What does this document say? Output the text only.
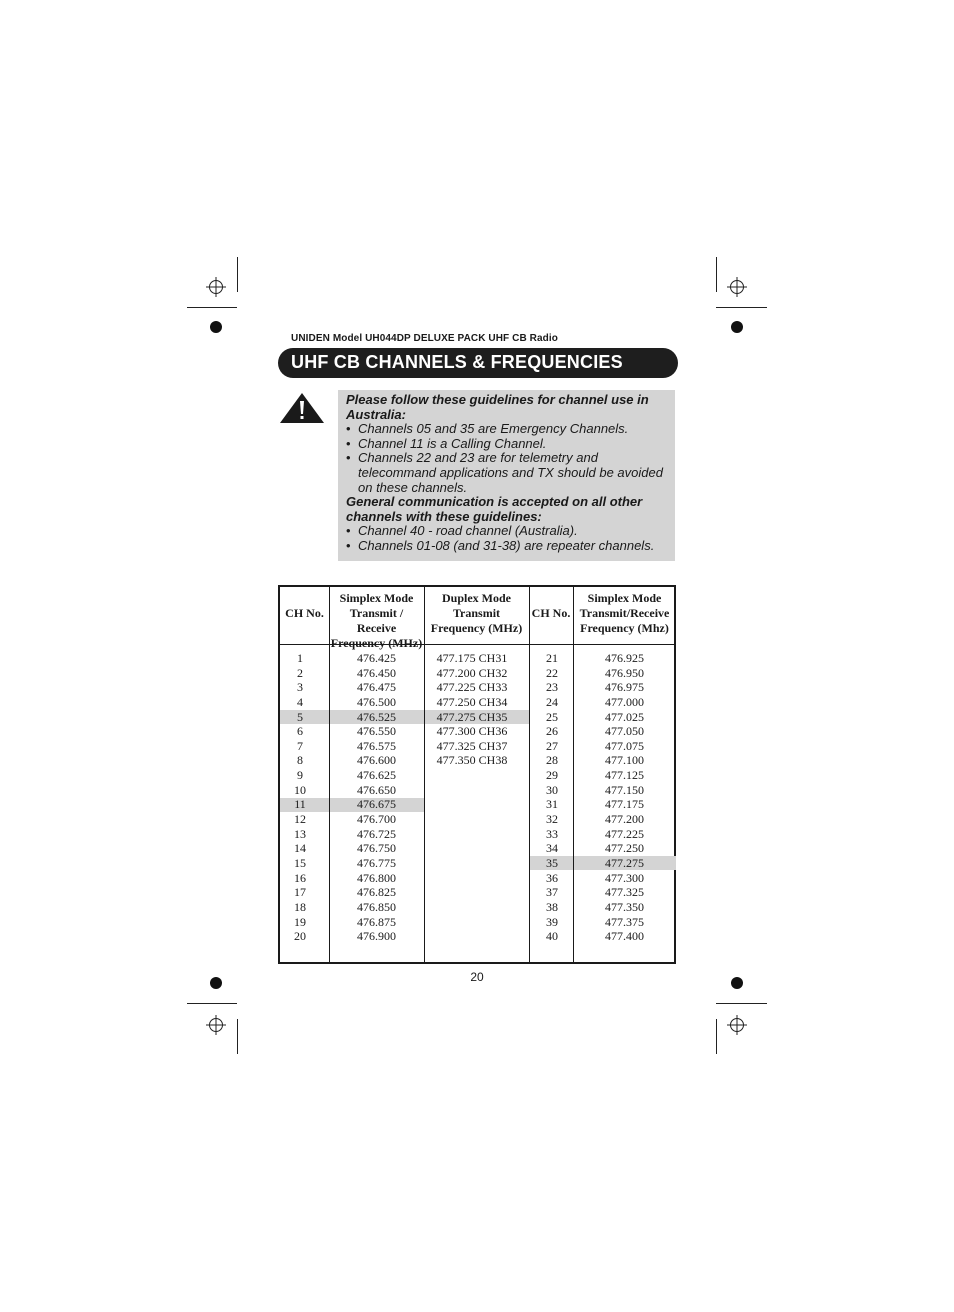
UNIDEN Model UH044DP DELUXE PACK UHF CB Radio
UHF CB CHANNELS & FREQUENCIES
Please follow these guidelines for channel use in Australia:
• Channels 05 and 35 are Emergency Channels.
• Channel 11 is a Calling Channel.
• Channels 22 and 23 are for telemetry and telecommand applications and TX should be avoided on these channels.
General communication is accepted on all other channels with these guidelines:
• Channel 40 - road channel (Australia).
• Channels 01-08 (and 31-38) are repeater channels.
CH No.
Simplex Mode
Transmit / Receive
Frequency (MHz)
Duplex Mode
Transmit
Frequency (MHz)
CH No.
Simplex Mode
Transmit/Receive
Frequency (Mhz)
1
2
3
4
5
6
7
8
9
10
11
12
13
14
15
16
17
18
19
20
476.425
476.450
476.475
476.500
476.525
476.550
476.575
476.600
476.625
476.650
476.675
476.700
476.725
476.750
476.775
476.800
476.825
476.850
476.875
476.900
477.175 CH31
477.200 CH32
477.225 CH33
477.250 CH34
477.275 CH35
477.300 CH36
477.325 CH37
477.350 CH38
21
22
23
24
25
26
27
28
29
30
31
32
33
34
35
36
37
38
39
40
476.925
476.950
476.975
477.000
477.025
477.050
477.075
477.100
477.125
477.150
477.175
477.200
477.225
477.250
477.275
477.300
477.325
477.350
477.375
477.400
20
